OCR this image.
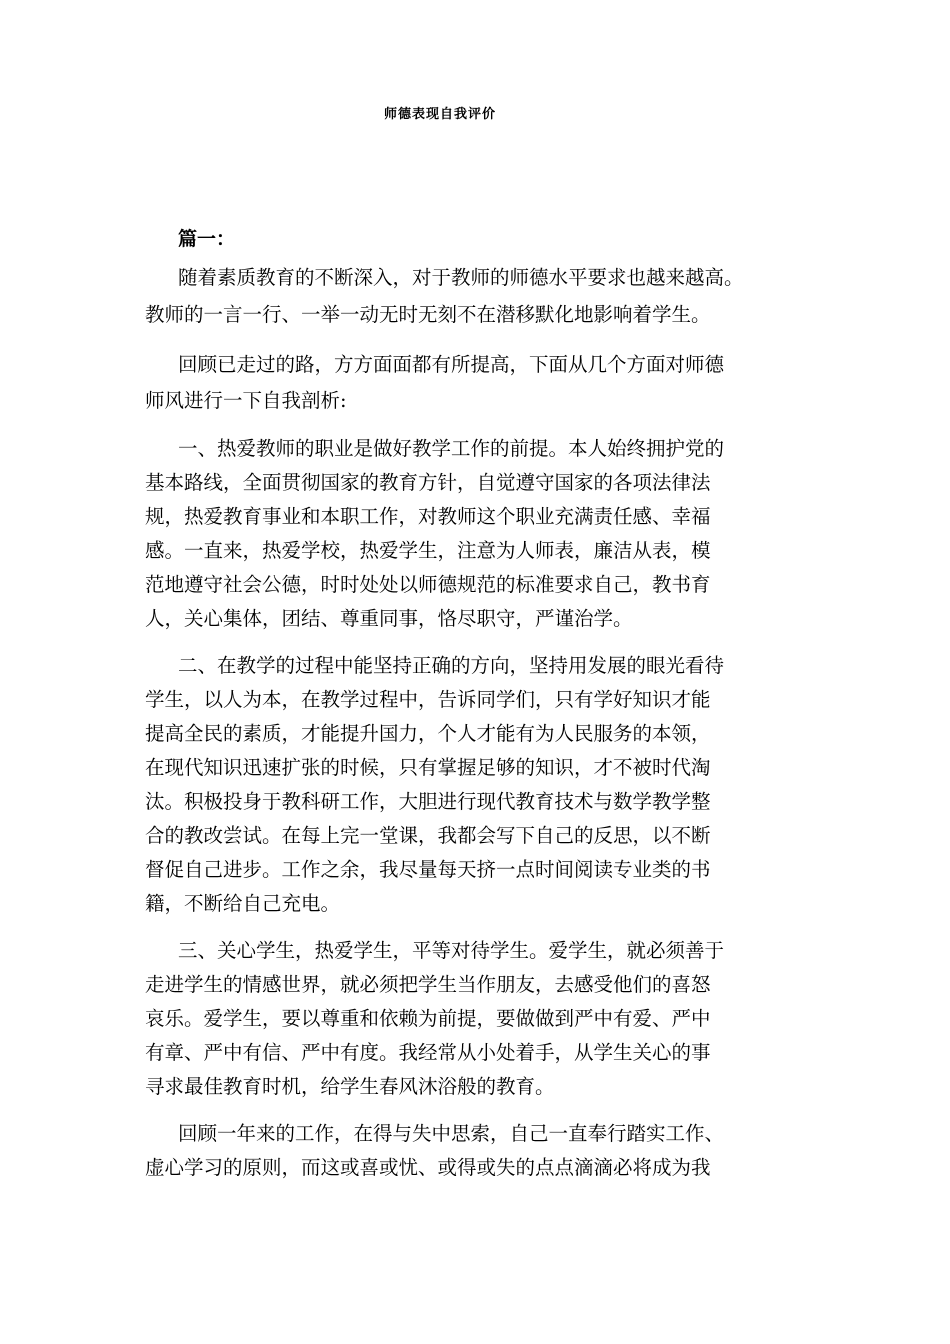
师德表现自我评价
篇一：
随着素质教育的不断深入，对于教师的师德水平要求也越来越高。
教师的一言一行、一举一动无时无刻不在潜移默化地影响着学生。
回顾已走过的路，方方面面都有所提高，下面从几个方面对师德
师风进行一下自我剖析:
一、热爱教师的职业是做好教学工作的前提。本人始终拥护党的
基本路线，全面贯彻国家的教育方针，自觉遵守国家的各项法律法
规，热爱教育事业和本职工作，对教师这个职业充满责任感、幸福
感。一直来，热爱学校，热爱学生，注意为人师表，廉洁从表，模
范地遵守社会公德，时时处处以师德规范的标准要求自己，教书育
人，关心集体，团结、尊重同事，恪尽职守，严谨治学。
二、在教学的过程中能坚持正确的方向，坚持用发展的眼光看待
学生，以人为本，在教学过程中，告诉同学们，只有学好知识才能
提高全民的素质，才能提升国力，个人才能有为人民服务的本领，
在现代知识迅速扩张的时候，只有掌握足够的知识，才不被时代淘
汰。积极投身于教科研工作，大胆进行现代教育技术与数学教学整
合的教改尝试。在每上完一堂课，我都会写下自己的反思，以不断
督促自己进步。工作之余，我尽量每天挤一点时间阅读专业类的书
籍，不断给自己充电。
三、关心学生，热爱学生，平等对待学生。爱学生，就必须善于
走进学生的情感世界，就必须把学生当作朋友，去感受他们的喜怒
哀乐。爱学生，要以尊重和依赖为前提，要做做到严中有爱、严中
有章、严中有信、严中有度。我经常从小处着手，从学生关心的事
寻求最佳教育时机，给学生春风沐浴般的教育。
回顾一年来的工作，在得与失中思索，自己一直奉行踏实工作、
虚心学习的原则，而这或喜或忧、或得或失的点点滴滴必将成为我
